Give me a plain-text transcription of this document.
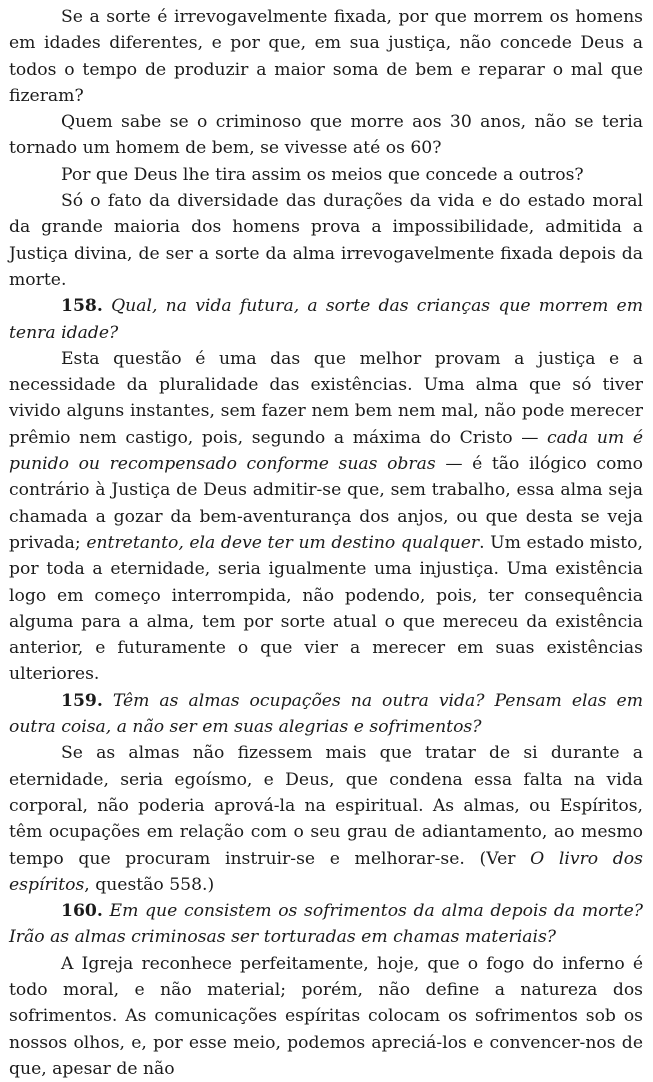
Se a sorte é irrevogavelmente fixada, por que morrem os homens em idades diferentes, e por que, em sua justiça, não concede Deus a todos o tempo de produzir a maior soma de bem e reparar o mal que fizeram?

Quem sabe se o criminoso que morre aos 30 anos, não se teria tornado um homem de bem, se vivesse até os 60?

Por que Deus lhe tira assim os meios que concede a outros?

Só o fato da diversidade das durações da vida e do estado moral da grande maioria dos homens prova a impossibilidade, admitida a Justiça divina, de ser a sorte da alma irrevogavelmente fixada depois da morte.

158. Qual, na vida futura, a sorte das crianças que morrem em tenra idade?

Esta questão é uma das que melhor provam a justiça e a necessidade da pluralidade das existências. Uma alma que só tiver vivido alguns instantes, sem fazer nem bem nem mal, não pode merecer prêmio nem castigo, pois, segundo a máxima do Cristo — cada um é punido ou recompensado conforme suas obras — é tão ilógico como contrário à Justiça de Deus admitir-se que, sem trabalho, essa alma seja chamada a gozar da bem-aventurança dos anjos, ou que desta se veja privada; entretanto, ela deve ter um destino qualquer. Um estado misto, por toda a eternidade, seria igualmente uma injustiça. Uma existência logo em começo interrompida, não podendo, pois, ter consequência alguma para a alma, tem por sorte atual o que mereceu da existência anterior, e futuramente o que vier a merecer em suas existências ulteriores.

159. Têm as almas ocupações na outra vida? Pensam elas em outra coisa, a não ser em suas alegrias e sofrimentos?

Se as almas não fizessem mais que tratar de si durante a eternidade, seria egoísmo, e Deus, que condena essa falta na vida corporal, não poderia aprová-la na espiritual. As almas, ou Espíritos, têm ocupações em relação com o seu grau de adiantamento, ao mesmo tempo que procuram instruir-se e melhorar-se. (Ver O livro dos espíritos, questão 558.)

160. Em que consistem os sofrimentos da alma depois da morte? Irão as almas criminosas ser torturadas em chamas materiais?

A Igreja reconhece perfeitamente, hoje, que o fogo do inferno é todo moral, e não material; porém, não define a natureza dos sofrimentos. As comunicações espíritas colocam os sofrimentos sob os nossos olhos, e, por esse meio, podemos apreciá-los e convencer-nos de que, apesar de não
